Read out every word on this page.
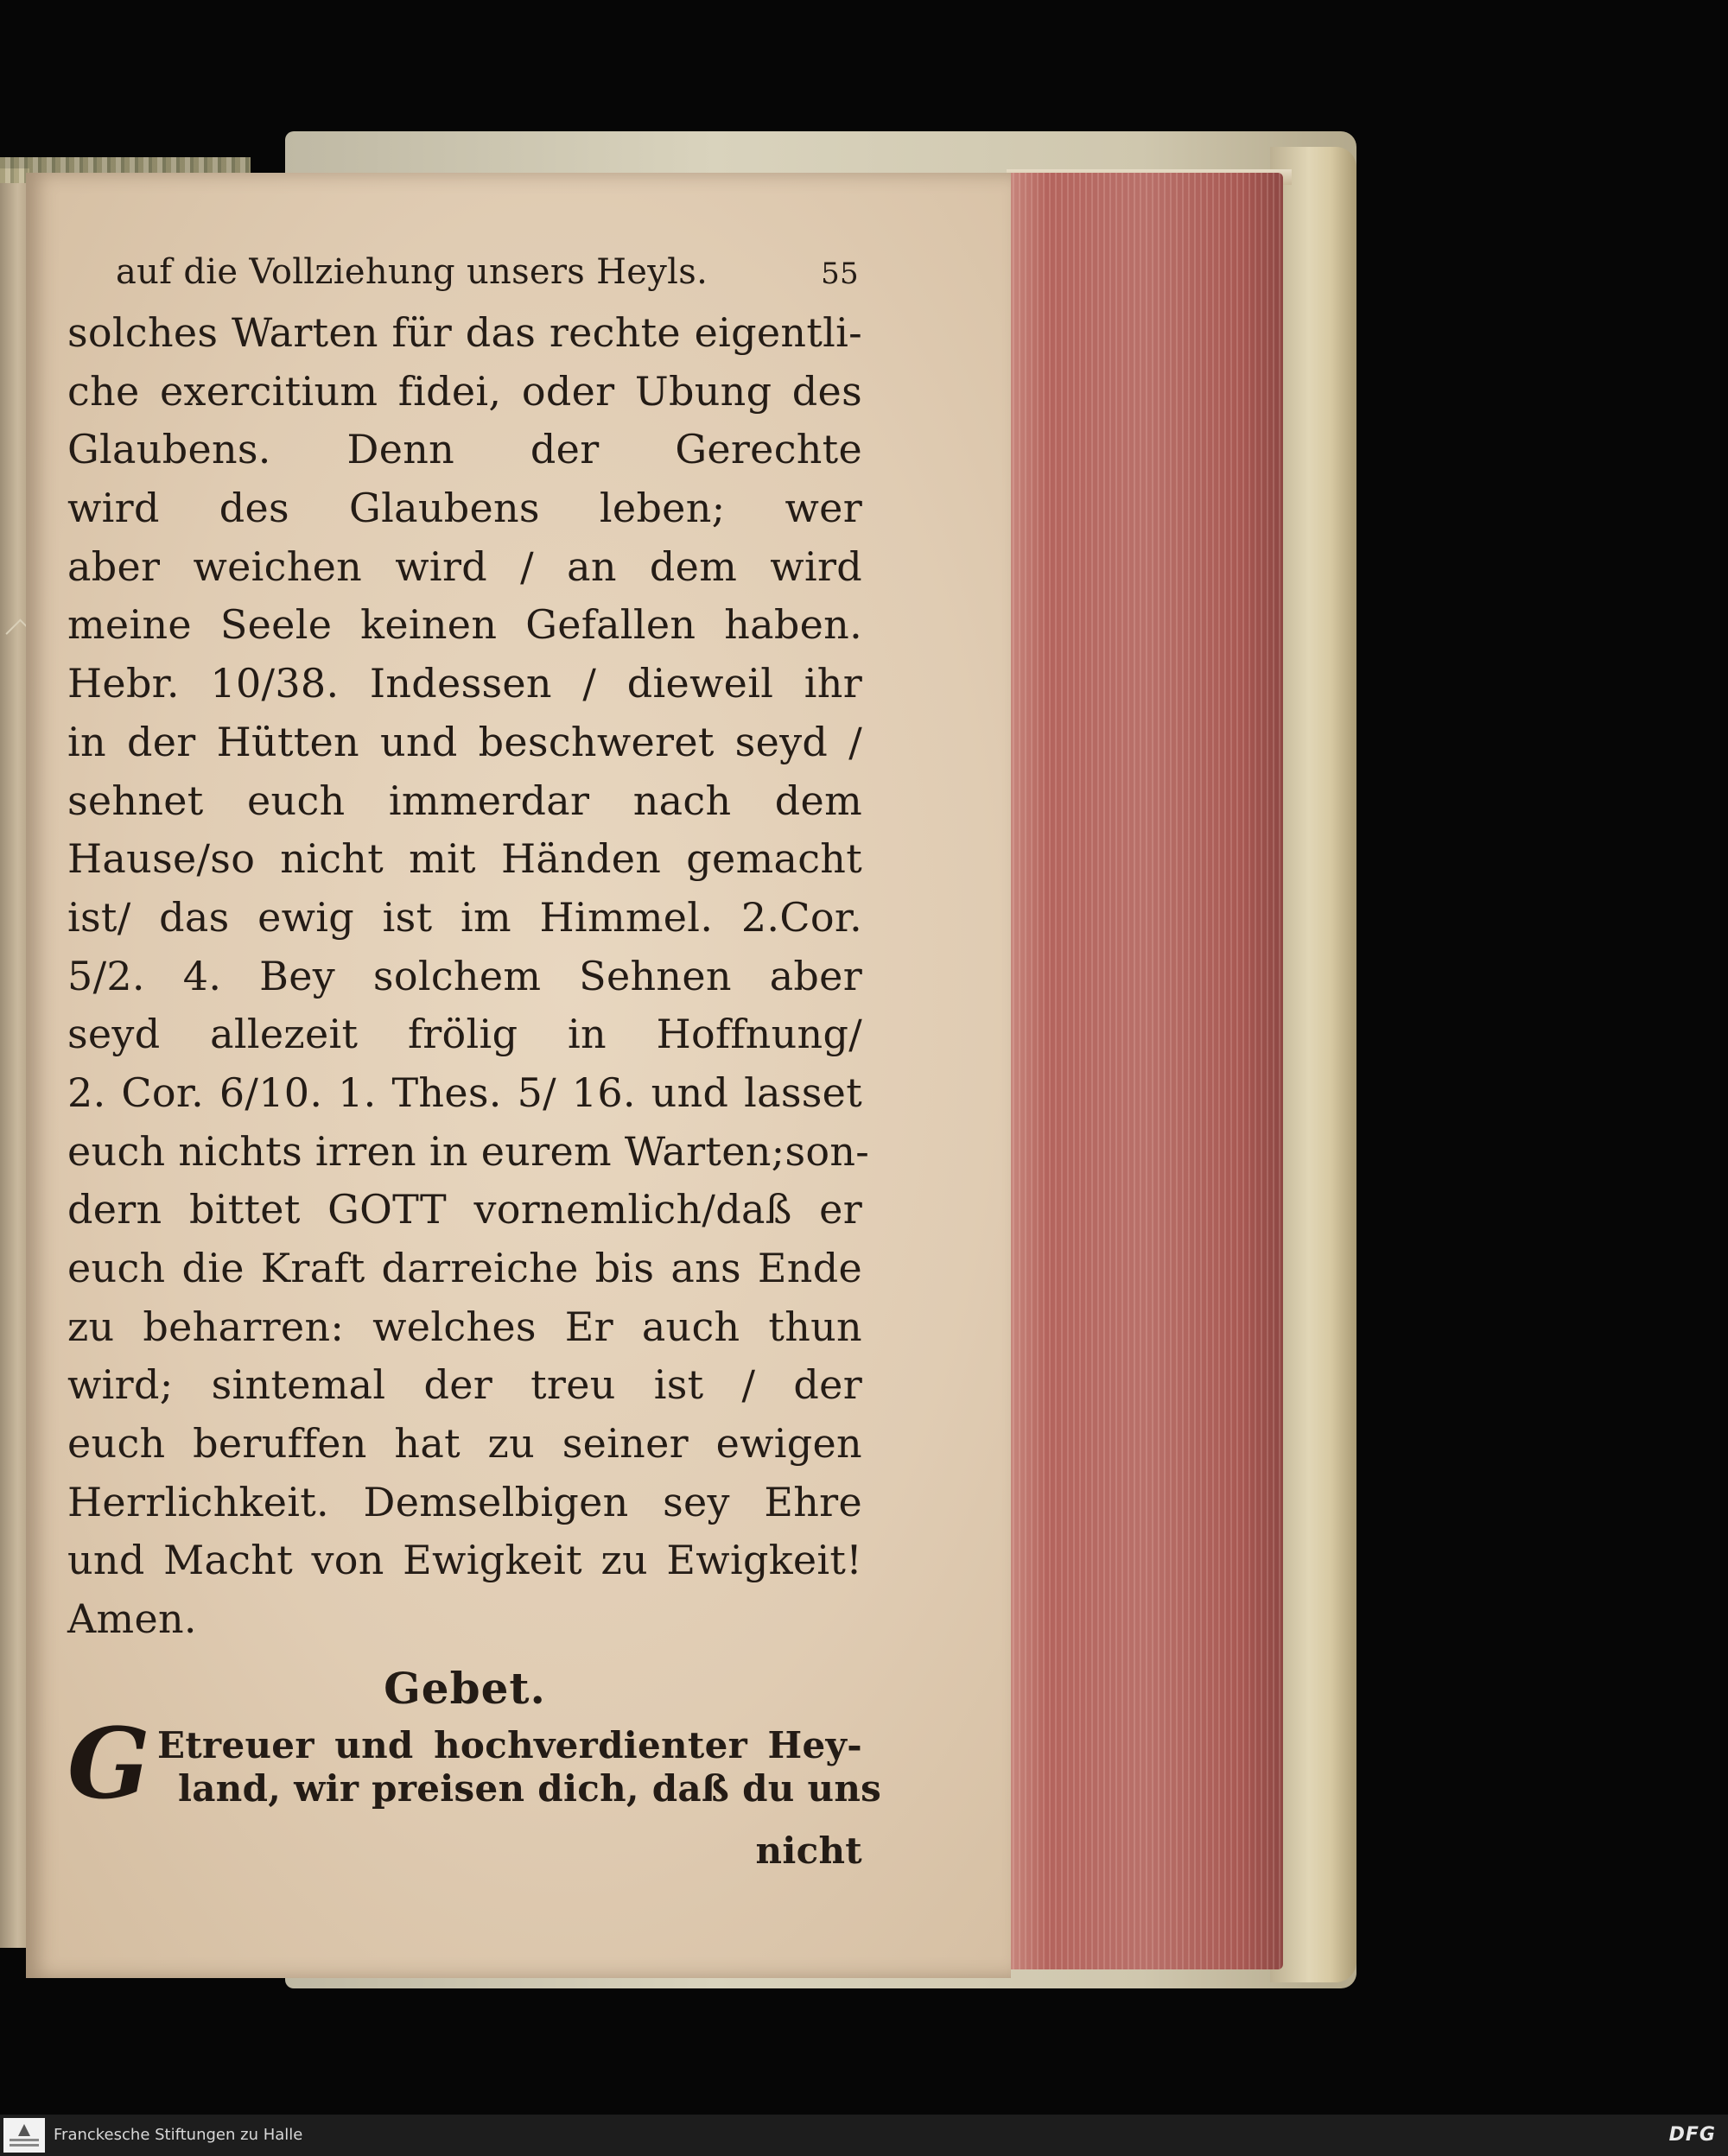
auf die Vollziehung unsers Heyls.	55
solches Warten für das rechte eigentli-
che exercitium fidei, oder Ubung des
Glaubens. Denn der Gerechte
wird des Glaubens leben; wer
aber weichen wird / an dem wird
meine Seele keinen Gefallen haben.
Hebr. 10/38. Indessen / dieweil ihr
in der Hütten und beschweret seyd /
sehnet euch immerdar nach dem
Hause/so nicht mit Händen gemacht
ist/ das ewig ist im Himmel. 2.Cor.
5/2. 4. Bey solchem Sehnen aber
seyd allezeit frölig in Hoffnung/
2. Cor. 6/10. 1. Thes. 5/ 16. und lasset
euch nichts irren in eurem Warten;son-
dern bittet GOTT vornemlich/daß er
euch die Kraft darreiche bis ans Ende
zu beharren: welches Er auch thun
wird; sintemal der treu ist / der
euch beruffen hat zu seiner ewigen
Herrlichkeit. Demselbigen sey Ehre
und Macht von Ewigkeit zu Ewigkeit!
Amen.
Gebet.
G Etreuer und hochverdienter Hey-
land, wir preisen dich, daß du uns
nicht
Franckesche Stiftungen zu Halle	DFG
